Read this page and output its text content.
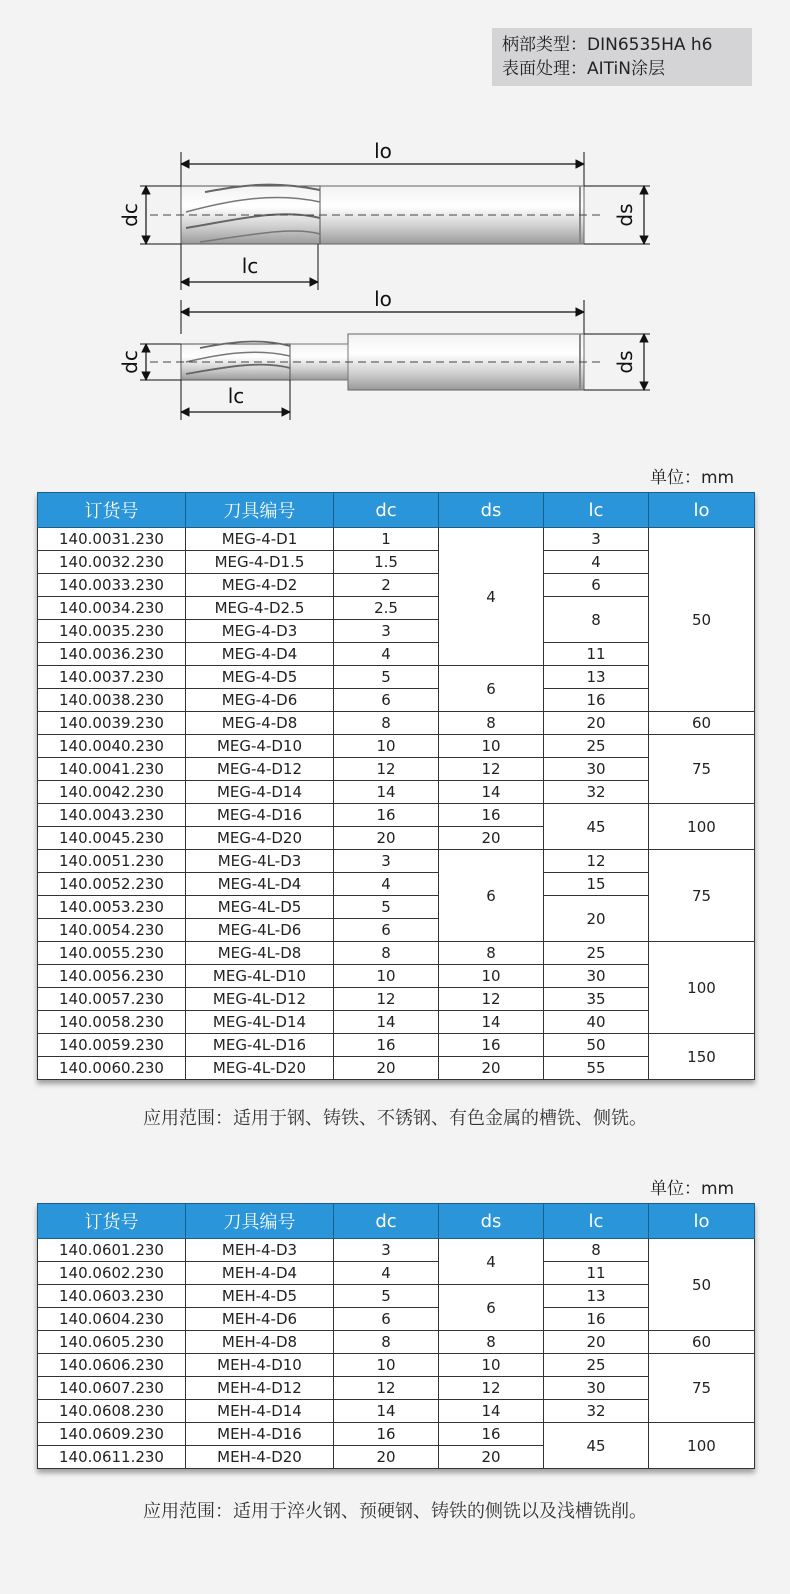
柄部类型：DIN6535HA h6
表面处理：AITiN涂层
lo
dc	ds
lc
lo
dc	ds
lc
单位：mm
订货号	刀具编号	dc	ds	lc	lo
140.0031.230	MEG-4-D1	1	4	3	50
140.0032.230	MEG-4-D1.5	1.5		4	
140.0033.230	MEG-4-D2	2		6	
140.0034.230	MEG-4-D2.5	2.5		8	
140.0035.230	MEG-4-D3	3			
140.0036.230	MEG-4-D4	4		11	
140.0037.230	MEG-4-D5	5	6	13	
140.0038.230	MEG-4-D6	6		16	
140.0039.230	MEG-4-D8	8	8	20	60
140.0040.230	MEG-4-D10	10	10	25	75
140.0041.230	MEG-4-D12	12	12	30	
140.0042.230	MEG-4-D14	14	14	32	
140.0043.230	MEG-4-D16	16	16	45	100
140.0045.230	MEG-4-D20	20	20		
140.0051.230	MEG-4L-D3	3	6	12	75
140.0052.230	MEG-4L-D4	4		15	
140.0053.230	MEG-4L-D5	5		20	
140.0054.230	MEG-4L-D6	6			
140.0055.230	MEG-4L-D8	8	8	25	100
140.0056.230	MEG-4L-D10	10	10	30	
140.0057.230	MEG-4L-D12	12	12	35	
140.0058.230	MEG-4L-D14	14	14	40	
140.0059.230	MEG-4L-D16	16	16	50	150
140.0060.230	MEG-4L-D20	20	20	55	
应用范围：适用于钢、铸铁、不锈钢、有色金属的槽铣、侧铣。
单位：mm
订货号	刀具编号	dc	ds	lc	lo
140.0601.230	MEH-4-D3	3	4	8	50
140.0602.230	MEH-4-D4	4		11	
140.0603.230	MEH-4-D5	5	6	13	
140.0604.230	MEH-4-D6	6		16	
140.0605.230	MEH-4-D8	8	8	20	60
140.0606.230	MEH-4-D10	10	10	25	75
140.0607.230	MEH-4-D12	12	12	30	
140.0608.230	MEH-4-D14	14	14	32	
140.0609.230	MEH-4-D16	16	16	45	100
140.0611.230	MEH-4-D20	20	20		
应用范围：适用于淬火钢、预硬钢、铸铁的侧铣以及浅槽铣削。
